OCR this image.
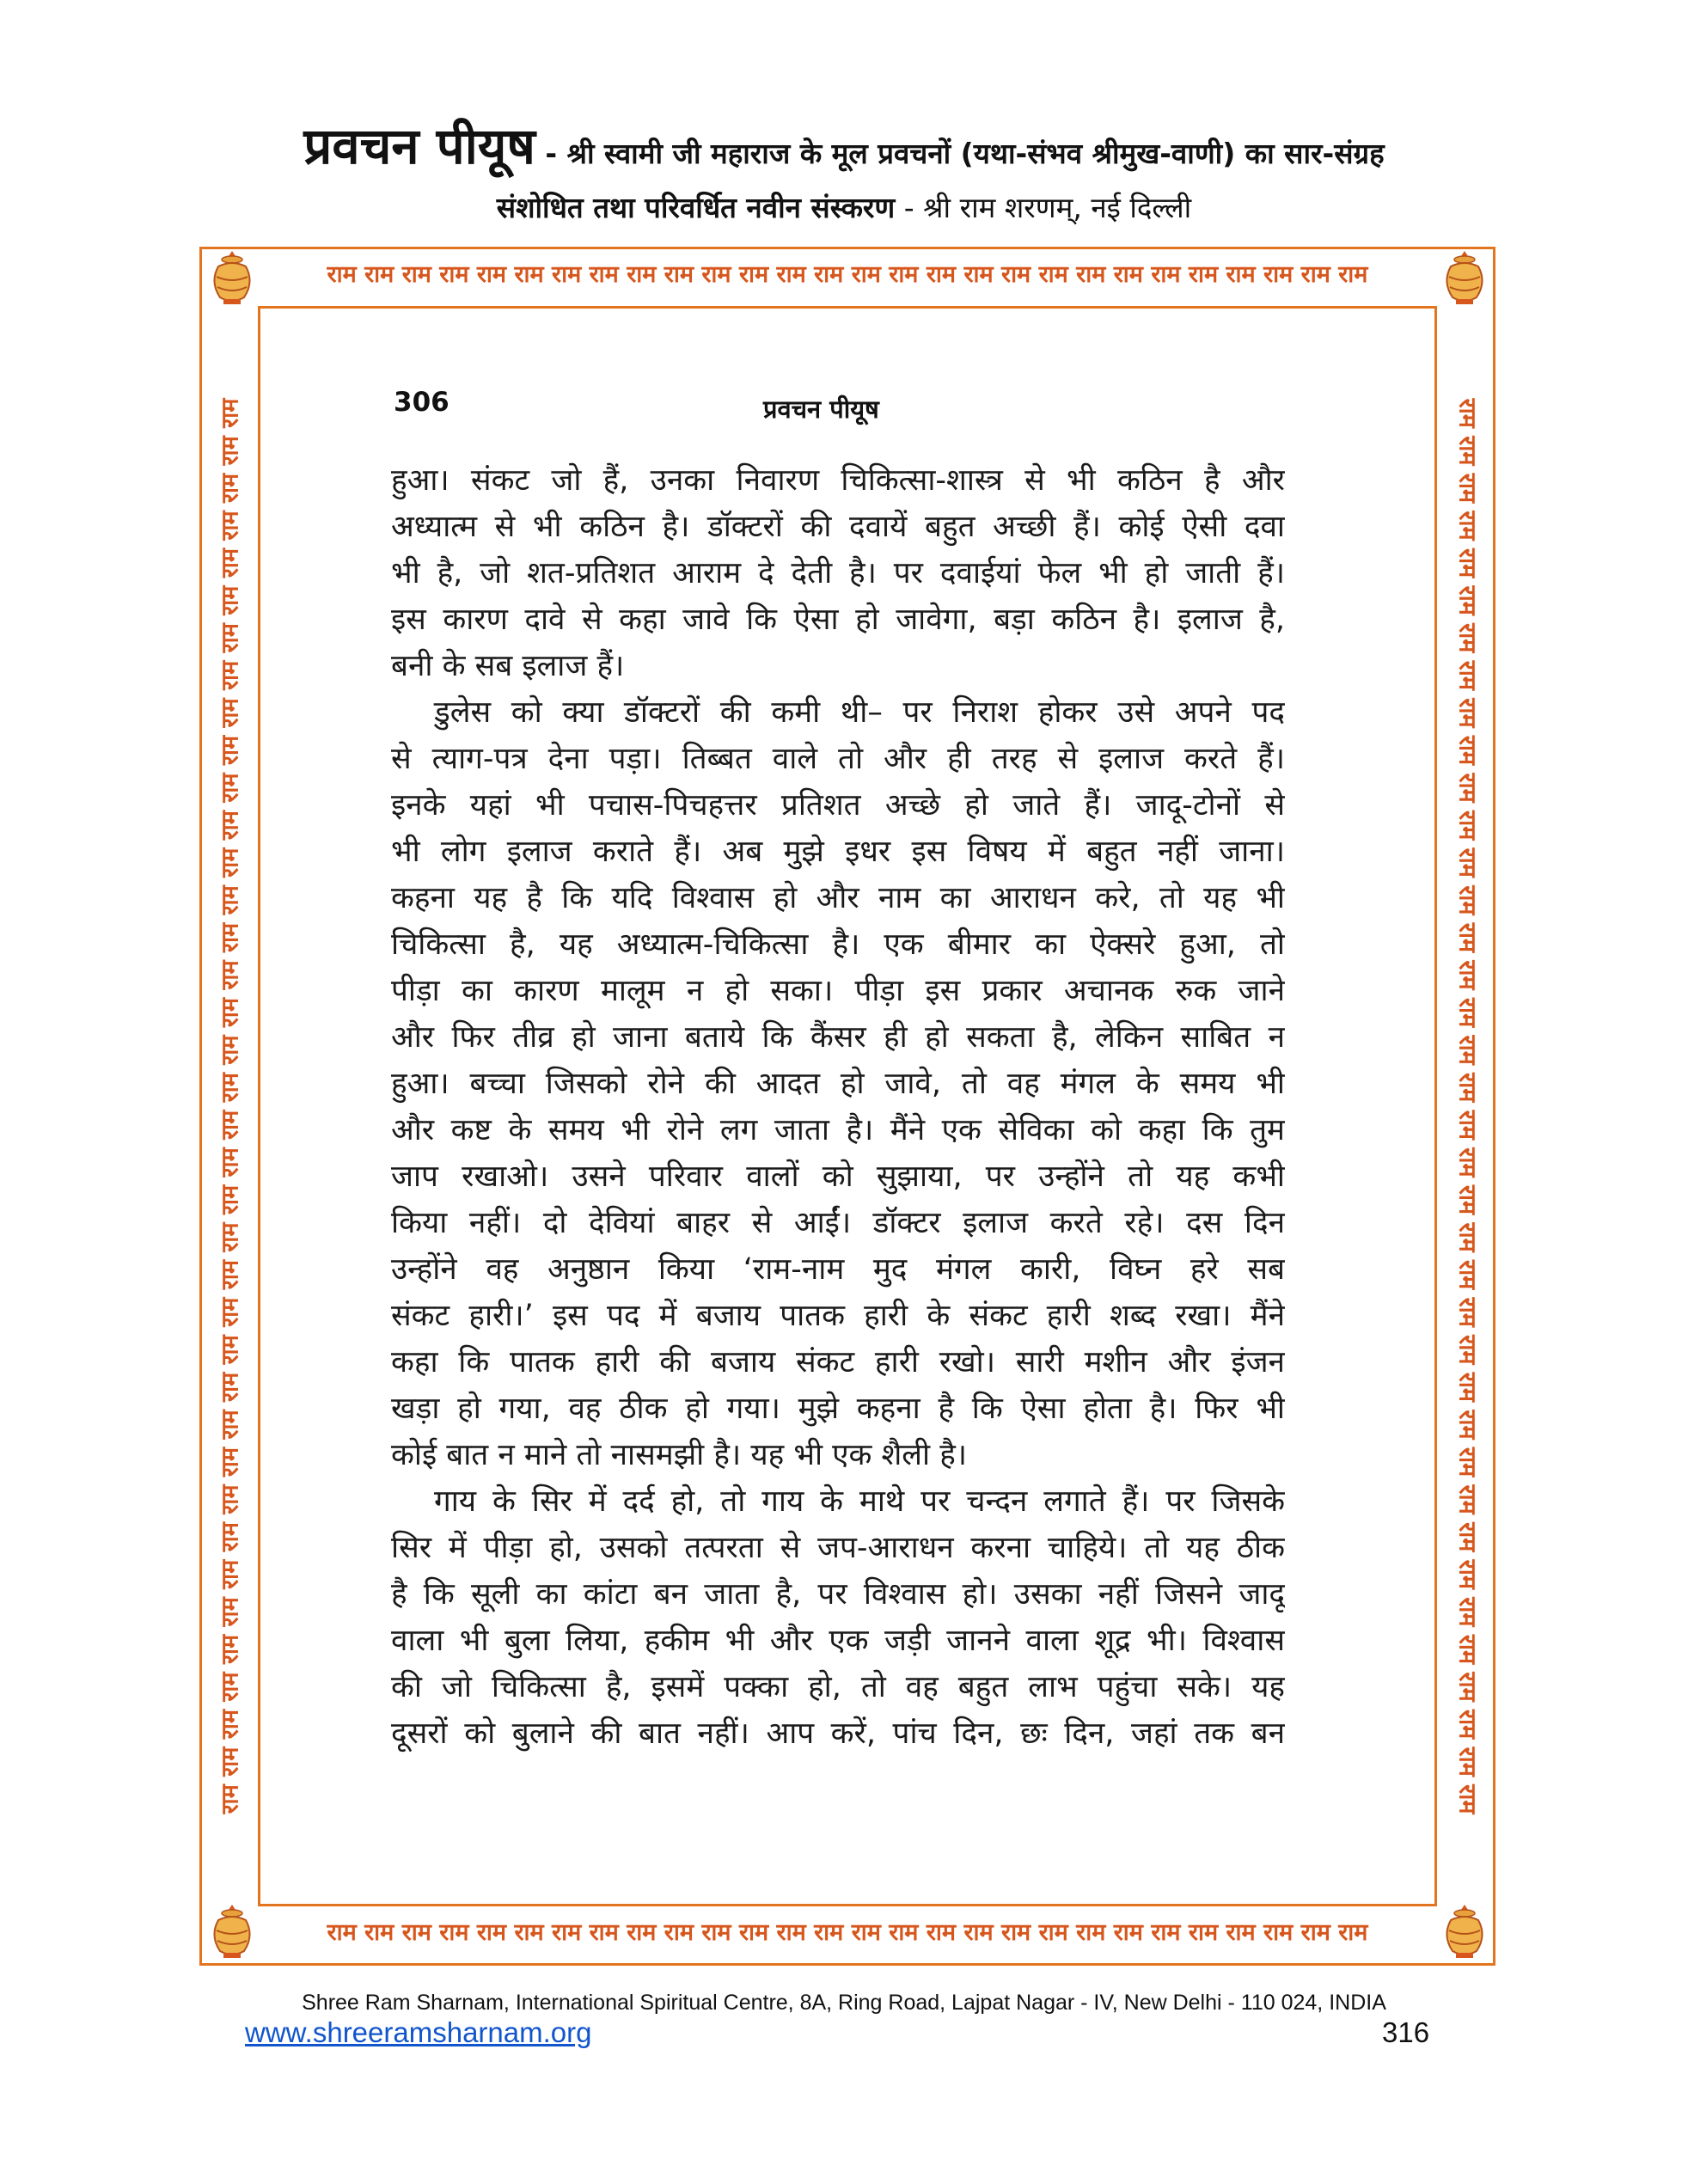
प्रवचन पीयूष - श्री स्वामी जी महाराज के मूल प्रवचनों (यथा-संभव श्रीमुख-वाणी) का सार-संग्रह
संशोधित तथा परिवर्धित नवीन संस्करण - श्री राम शरणम्, नई दिल्ली
राम राम राम राम राम राम राम राम राम राम राम राम राम राम राम राम राम राम राम राम राम राम राम राम राम राम राम राम
राम राम राम राम राम राम राम राम राम राम राम राम राम राम राम राम राम राम राम राम राम राम राम राम राम राम राम राम
राम राम राम राम राम राम राम राम राम राम राम राम राम राम राम राम राम राम राम राम राम राम राम राम राम राम राम राम राम राम राम राम राम राम राम राम राम राम	राम राम राम राम राम राम राम राम राम राम राम राम राम राम राम राम राम राम राम राम राम राम राम राम राम राम राम राम राम राम राम राम राम राम राम राम राम राम
306	प्रवचन पीयूष
हुआ। संकट जो हैं, उनका निवारण चिकित्सा-शास्त्र से भी कठिन है और
अध्यात्म से भी कठिन है। डॉक्टरों की दवायें बहुत अच्छी हैं। कोई ऐसी दवा
भी है, जो शत-प्रतिशत आराम दे देती है। पर दवाईयां फेल भी हो जाती हैं।
इस कारण दावे से कहा जावे कि ऐसा हो जावेगा, बड़ा कठिन है। इलाज है,
बनी के सब इलाज हैं।
डुलेस को क्या डॉक्टरों की कमी थी– पर निराश होकर उसे अपने पद
से त्याग-पत्र देना पड़ा। तिब्बत वाले तो और ही तरह से इलाज करते हैं।
इनके यहां भी पचास-पिचहत्तर प्रतिशत अच्छे हो जाते हैं। जादू-टोनों से
भी लोग इलाज कराते हैं। अब मुझे इधर इस विषय में बहुत नहीं जाना।
कहना यह है कि यदि विश्वास हो और नाम का आराधन करे, तो यह भी
चिकित्सा है, यह अध्यात्म-चिकित्सा है। एक बीमार का ऐक्सरे हुआ, तो
पीड़ा का कारण मालूम न हो सका। पीड़ा इस प्रकार अचानक रुक जाने
और फिर तीव्र हो जाना बताये कि कैंसर ही हो सकता है, लेकिन साबित न
हुआ। बच्चा जिसको रोने की आदत हो जावे, तो वह मंगल के समय भी
और कष्ट के समय भी रोने लग जाता है। मैंने एक सेविका को कहा कि तुम
जाप रखाओ। उसने परिवार वालों को सुझाया, पर उन्होंने तो यह कभी
किया नहीं। दो देवियां बाहर से आईं। डॉक्टर इलाज करते रहे। दस दिन
उन्होंने वह अनुष्ठान किया ‘राम-नाम मुद मंगल कारी, विघ्न हरे सब
संकट हारी।’ इस पद में बजाय पातक हारी के संकट हारी शब्द रखा। मैंने
कहा कि पातक हारी की बजाय संकट हारी रखो। सारी मशीन और इंजन
खड़ा हो गया, वह ठीक हो गया। मुझे कहना है कि ऐसा होता है। फिर भी
कोई बात न माने तो नासमझी है। यह भी एक शैली है।
गाय के सिर में दर्द हो, तो गाय के माथे पर चन्दन लगाते हैं। पर जिसके
सिर में पीड़ा हो, उसको तत्परता से जप-आराधन करना चाहिये। तो यह ठीक
है कि सूली का कांटा बन जाता है, पर विश्वास हो। उसका नहीं जिसने जादू
वाला भी बुला लिया, हकीम भी और एक जड़ी जानने वाला शूद्र भी। विश्वास
की जो चिकित्सा है, इसमें पक्का हो, तो वह बहुत लाभ पहुंचा सके। यह
दूसरों को बुलाने की बात नहीं। आप करें, पांच दिन, छः दिन, जहां तक बन
Shree Ram Sharnam, International Spiritual Centre, 8A, Ring Road, Lajpat Nagar - IV, New Delhi - 110 024, INDIA
www.shreeramsharnam.org	316
